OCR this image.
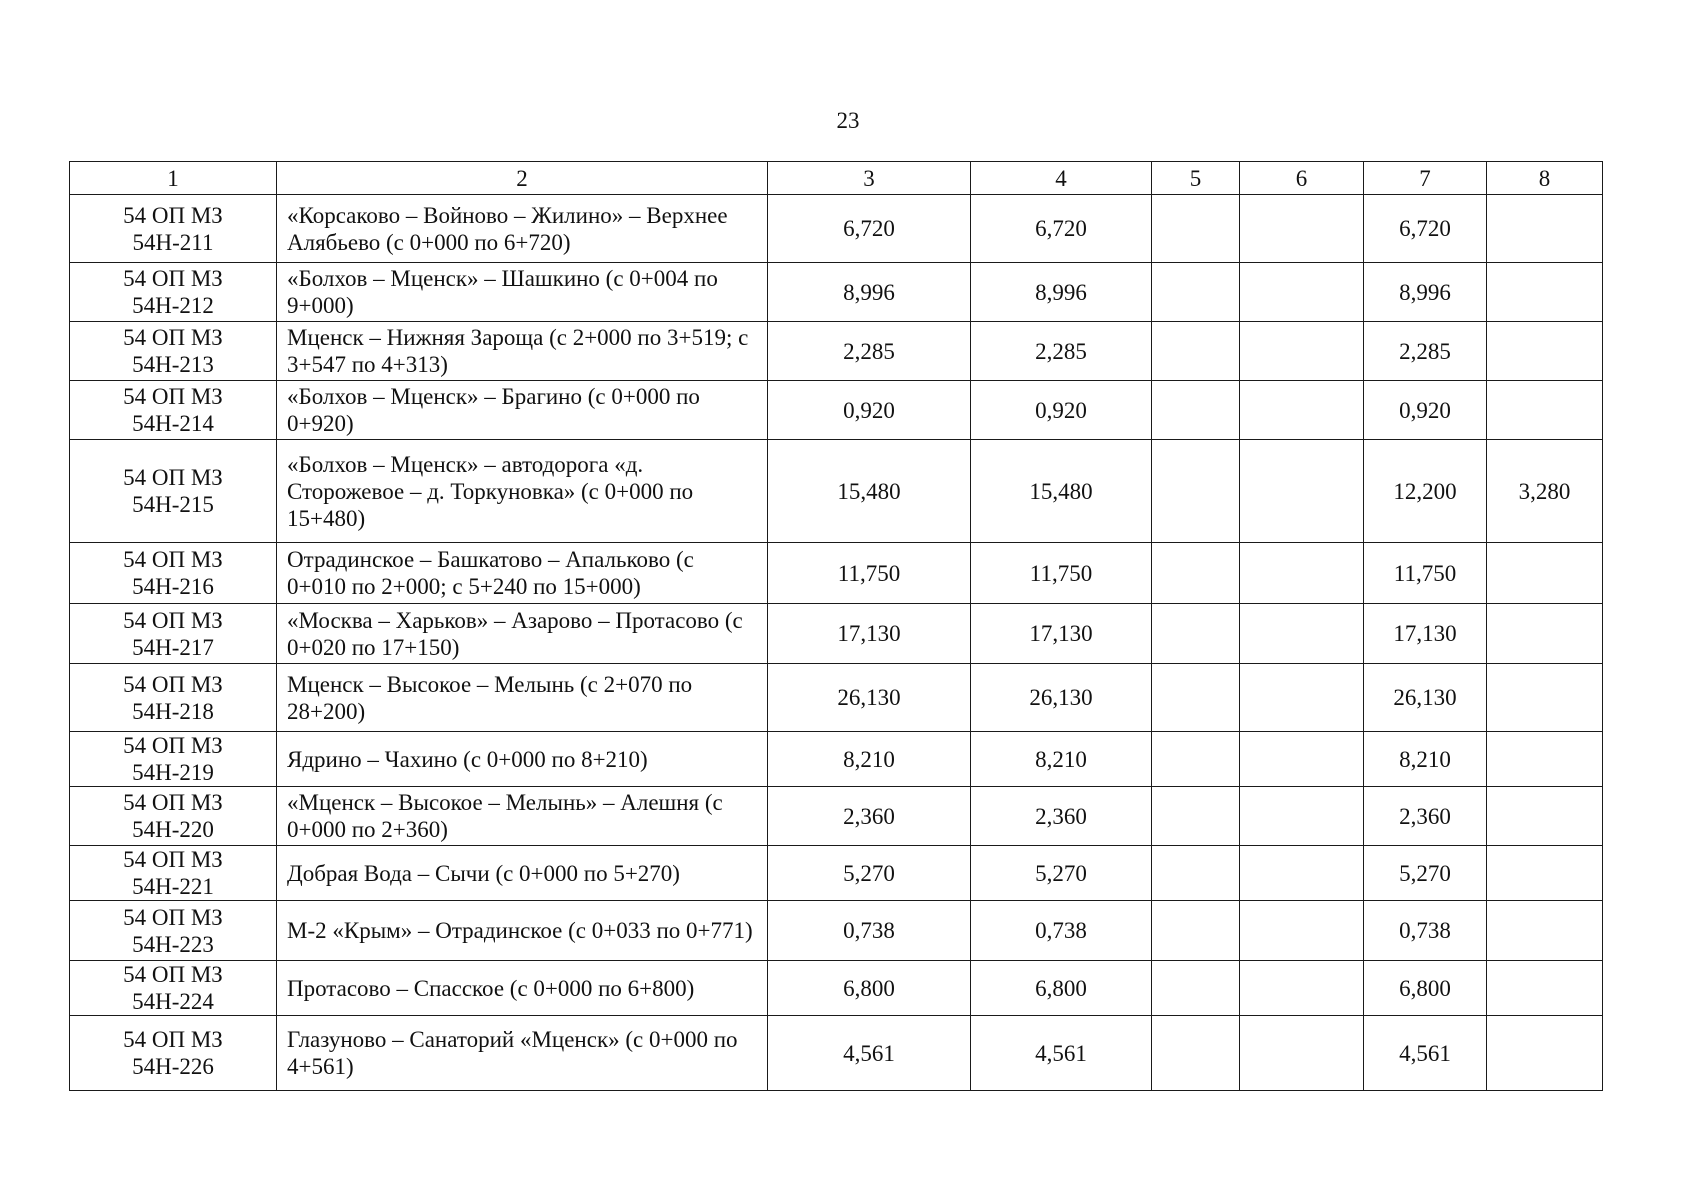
23
1	2	3	4	5	6	7	8
54 ОП МЗ 54Н-211	«Корсаково – Войново – Жилино» – Верхнее Алябьево (с 0+000 по 6+720)	6,720	6,720			6,720	
54 ОП МЗ 54Н-212	«Болхов – Мценск» – Шашкино (с 0+004 по 9+000)	8,996	8,996			8,996	
54 ОП МЗ 54Н-213	Мценск – Нижняя Зароща (с 2+000 по 3+519; с 3+547 по 4+313)	2,285	2,285			2,285	
54 ОП МЗ 54Н-214	«Болхов – Мценск» – Брагино (с 0+000 по 0+920)	0,920	0,920			0,920	
54 ОП МЗ 54Н-215	«Болхов – Мценск» – автодорога «д. Сторожевое – д. Торкуновка» (с 0+000 по 15+480)	15,480	15,480			12,200	3,280
54 ОП МЗ 54Н-216	Отрадинское – Башкатово – Апальково (с 0+010 по 2+000; с 5+240 по 15+000)	11,750	11,750			11,750	
54 ОП МЗ 54Н-217	«Москва – Харьков» – Азарово – Протасово (с 0+020 по 17+150)	17,130	17,130			17,130	
54 ОП МЗ 54Н-218	Мценск – Высокое – Мелынь (с 2+070 по 28+200)	26,130	26,130			26,130	
54 ОП МЗ 54Н-219	Ядрино – Чахино (с 0+000 по 8+210)	8,210	8,210			8,210	
54 ОП МЗ 54Н-220	«Мценск – Высокое – Мелынь» – Алешня (с 0+000 по 2+360)	2,360	2,360			2,360	
54 ОП МЗ 54Н-221	Добрая Вода – Сычи (с 0+000 по 5+270)	5,270	5,270			5,270	
54 ОП МЗ 54Н-223	М-2 «Крым» – Отрадинское (с 0+033 по 0+771)	0,738	0,738			0,738	
54 ОП МЗ 54Н-224	Протасово – Спасское (с 0+000 по 6+800)	6,800	6,800			6,800	
54 ОП МЗ 54Н-226	Глазуново – Санаторий «Мценск» (с 0+000 по 4+561)	4,561	4,561			4,561	
